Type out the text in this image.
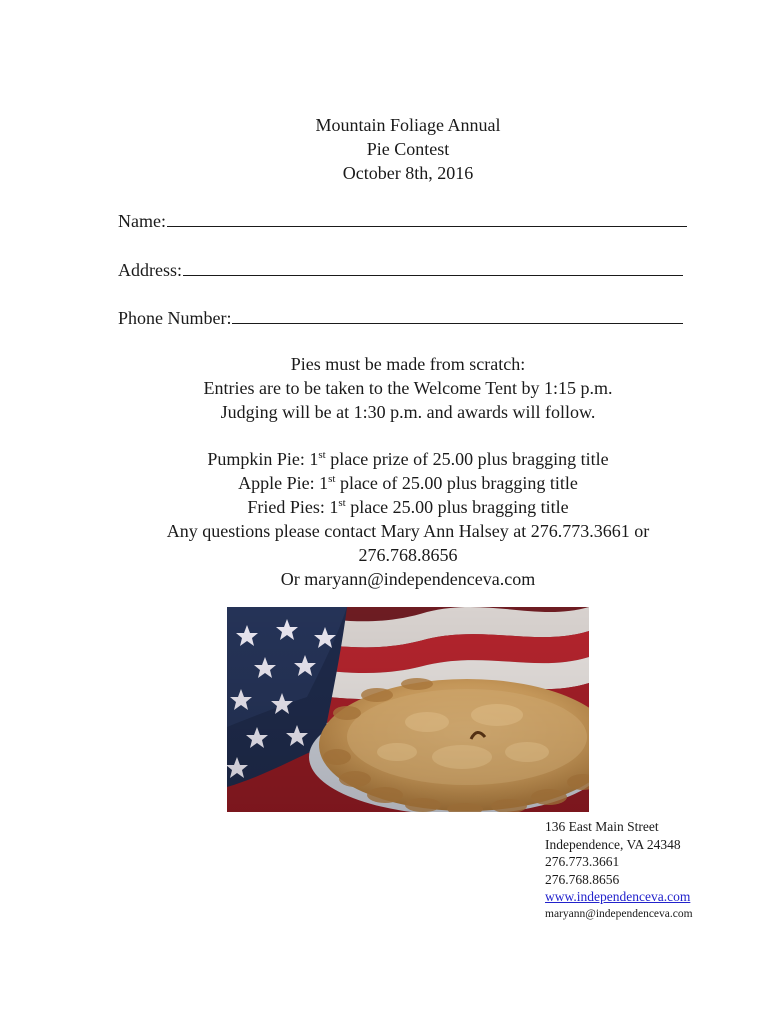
Mountain Foliage Annual
Pie Contest
October 8th, 2016
Name:
Address:
Phone Number:
Pies must be made from scratch:
Entries are to be taken to the Welcome Tent by 1:15 p.m.
Judging will be at 1:30 p.m. and awards will follow.
Pumpkin Pie: 1st place prize of 25.00 plus bragging title
Apple Pie: 1st place of 25.00 plus bragging title
Fried Pies: 1st place 25.00 plus bragging title
Any questions please contact Mary Ann Halsey at 276.773.3661 or
276.768.8656
Or maryann@independenceva.com
136 East Main Street
Independence, VA 24348
276.773.3661
276.768.8656
www.independenceva.com
maryann@independenceva.com
